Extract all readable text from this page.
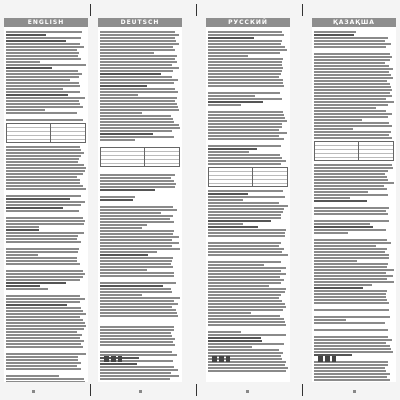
ENGLISH	DEUTSCH	РУССКИЙ	ҚАЗАҚША
